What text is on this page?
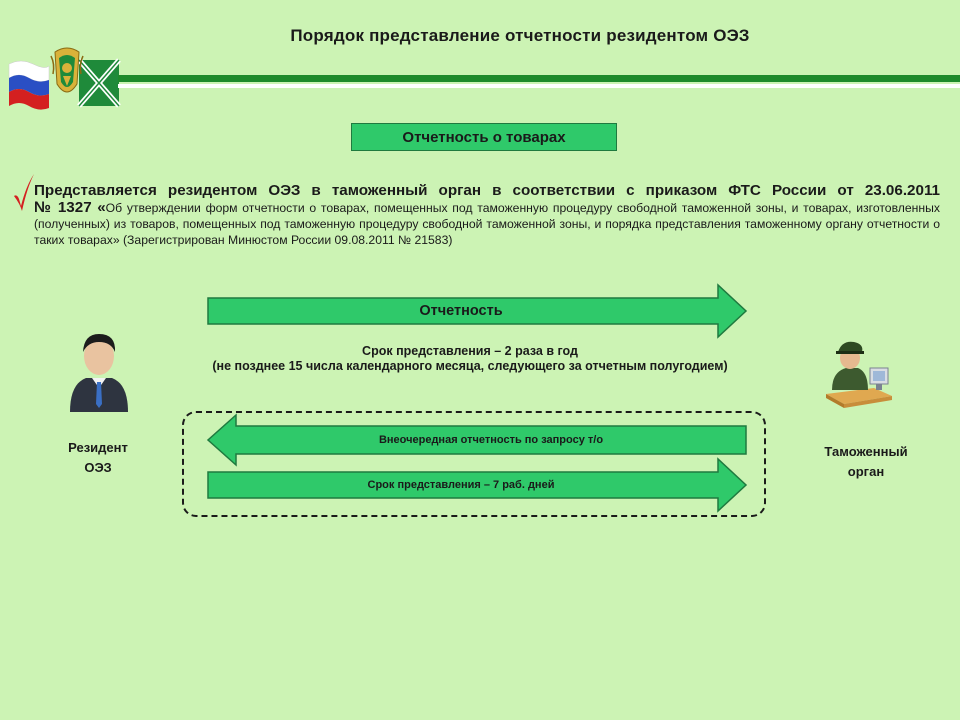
Порядок представление отчетности резидентом ОЭЗ
Отчетность о товарах
Представляется резидентом ОЭЗ в таможенный орган в соответствии с приказом ФТС России от 23.06.2011
№ 1327 «Об утверждении форм отчетности о товарах, помещенных под таможенную процедуру свободной таможенной зоны, и товарах, изготовленных (полученных) из товаров, помещенных под таможенную процедуру свободной таможенной зоны, и порядка представления таможенному органу отчетности о таких товарах» (Зарегистрирован Минюстом России 09.08.2011 № 21583)
Отчетность
Срок представления – 2 раза в год
(не позднее 15 числа календарного месяца, следующего за отчетным полугодием)
Резидент
ОЭЗ
Таможенный
орган
Внеочередная отчетность по запросу т/о
Срок представления – 7 раб. дней
